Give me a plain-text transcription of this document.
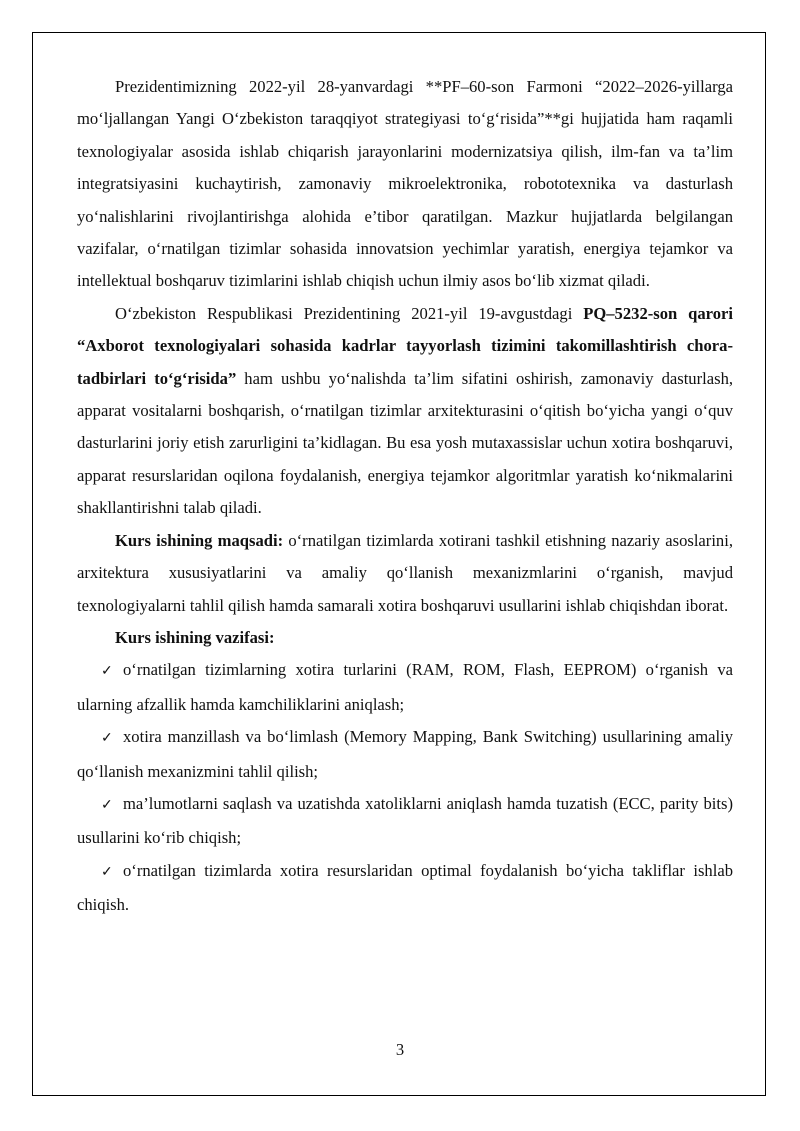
Prezidentimizning 2022-yil 28-yanvardagi **PF–60-son Farmoni “2022–2026-yillarga mo‘ljallangan Yangi O‘zbekiston taraqqiyot strategiyasi to‘g‘risida”**gi hujjatida ham raqamli texnologiyalar asosida ishlab chiqarish jarayonlarini modernizatsiya qilish, ilm-fan va ta’lim integratsiyasini kuchaytirish, zamonaviy mikroelektronika, robototexnika va dasturlash yo‘nalishlarini rivojlantirishga alohida e’tibor qaratilgan. Mazkur hujjatlarda belgilangan vazifalar, o‘rnatilgan tizimlar sohasida innovatsion yechimlar yaratish, energiya tejamkor va intellektual boshqaruv tizimlarini ishlab chiqish uchun ilmiy asos bo‘lib xizmat qiladi.

O‘zbekiston Respublikasi Prezidentining 2021-yil 19-avgustdagi PQ–5232-son qarori “Axborot texnologiyalari sohasida kadrlar tayyorlash tizimini takomillashtirish chora-tadbirlari to‘g‘risida” ham ushbu yo‘nalishda ta’lim sifatini oshirish, zamonaviy dasturlash, apparat vositalarni boshqarish, o‘rnatilgan tizimlar arxitekturasini o‘qitish bo‘yicha yangi o‘quv dasturlarini joriy etish zarurligini ta’kidlagan. Bu esa yosh mutaxassislar uchun xotira boshqaruvi, apparat resurslaridan oqilona foydalanish, energiya tejamkor algoritmlar yaratish ko‘nikmalarini shakllantirishni talab qiladi.

Kurs ishining maqsadi: o‘rnatilgan tizimlarda xotirani tashkil etishning nazariy asoslarini, arxitektura xususiyatlarini va amaliy qo‘llanish mexanizmlarini o‘rganish, mavjud texnologiyalarni tahlil qilish hamda samarali xotira boshqaruvi usullarini ishlab chiqishdan iborat.

Kurs ishining vazifasi:

✓ o‘rnatilgan tizimlarning xotira turlarini (RAM, ROM, Flash, EEPROM) o‘rganish va ularning afzallik hamda kamchiliklarini aniqlash;

✓ xotira manzillash va bo‘limlash (Memory Mapping, Bank Switching) usullarining amaliy qo‘llanish mexanizmini tahlil qilish;

✓ ma’lumotlarni saqlash va uzatishda xatoliklarni aniqlash hamda tuzatish (ECC, parity bits) usullarini ko‘rib chiqish;

✓ o‘rnatilgan tizimlarda xotira resurslaridan optimal foydalanish bo‘yicha takliflar ishlab chiqish.

3
